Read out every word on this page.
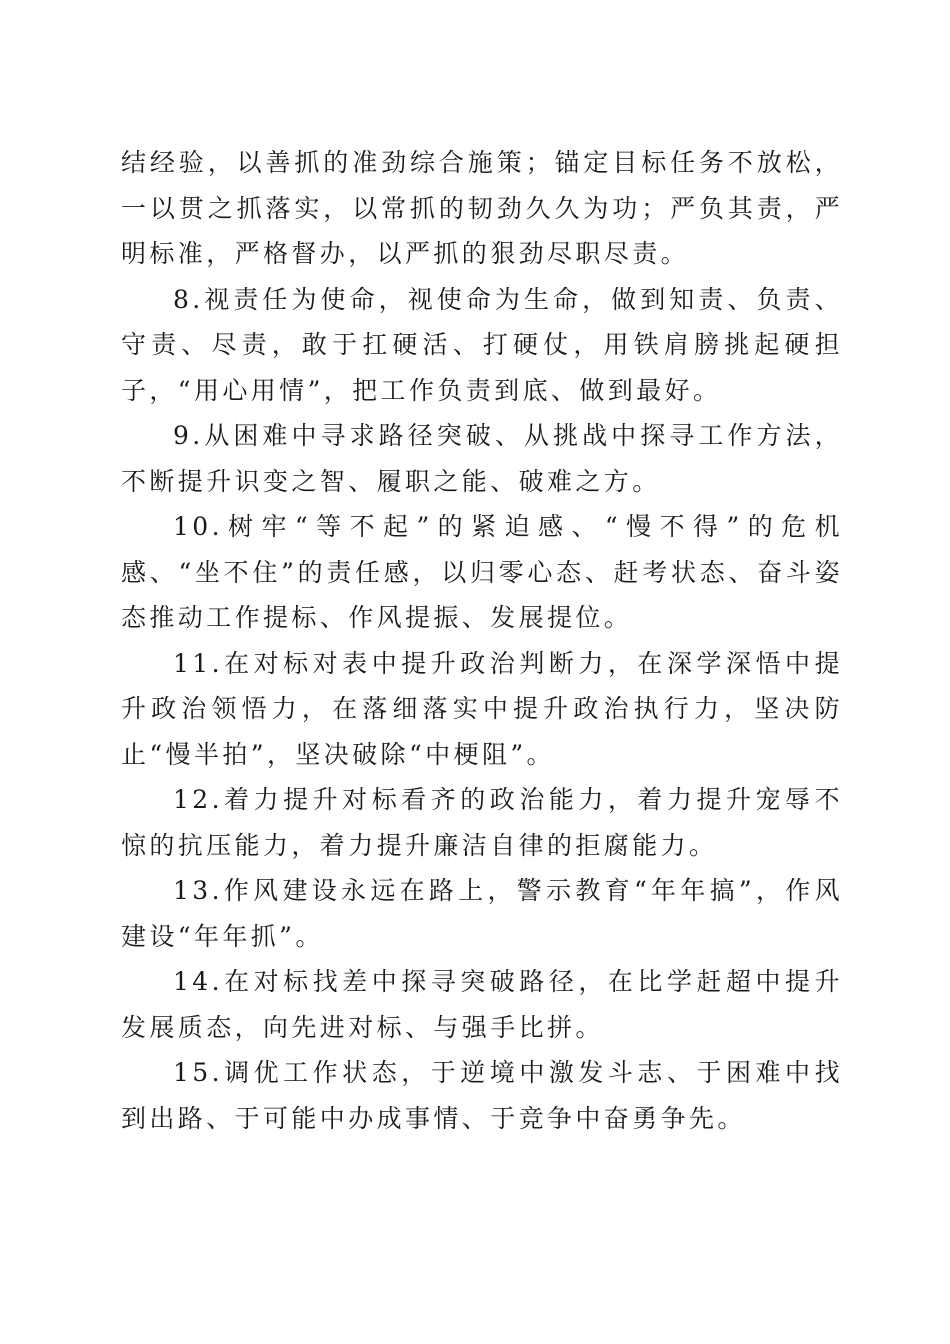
结经验，以善抓的准劲综合施策；锚定目标任务不放松，一以贯之抓落实，以常抓的韧劲久久为功；严负其责，严明标准，严格督办，以严抓的狠劲尽职尽责。

8.视责任为使命，视使命为生命，做到知责、负责、守责、尽责，敢于扛硬活、打硬仗，用铁肩膀挑起硬担子，“用心用情”，把工作负责到底、做到最好。

9.从困难中寻求路径突破、从挑战中探寻工作方法，不断提升识变之智、履职之能、破难之方。

10.树牢“等不起”的紧迫感、“慢不得”的危机感、“坐不住”的责任感，以归零心态、赶考状态、奋斗姿态推动工作提标、作风提振、发展提位。

11.在对标对表中提升政治判断力，在深学深悟中提升政治领悟力，在落细落实中提升政治执行力，坚决防止“慢半拍”，坚决破除“中梗阻”。

12.着力提升对标看齐的政治能力，着力提升宠辱不惊的抗压能力，着力提升廉洁自律的拒腐能力。

13.作风建设永远在路上，警示教育“年年搞”，作风建设“年年抓”。

14.在对标找差中探寻突破路径，在比学赶超中提升发展质态，向先进对标、与强手比拼。

15.调优工作状态，于逆境中激发斗志、于困难中找到出路、于可能中办成事情、于竞争中奋勇争先。
